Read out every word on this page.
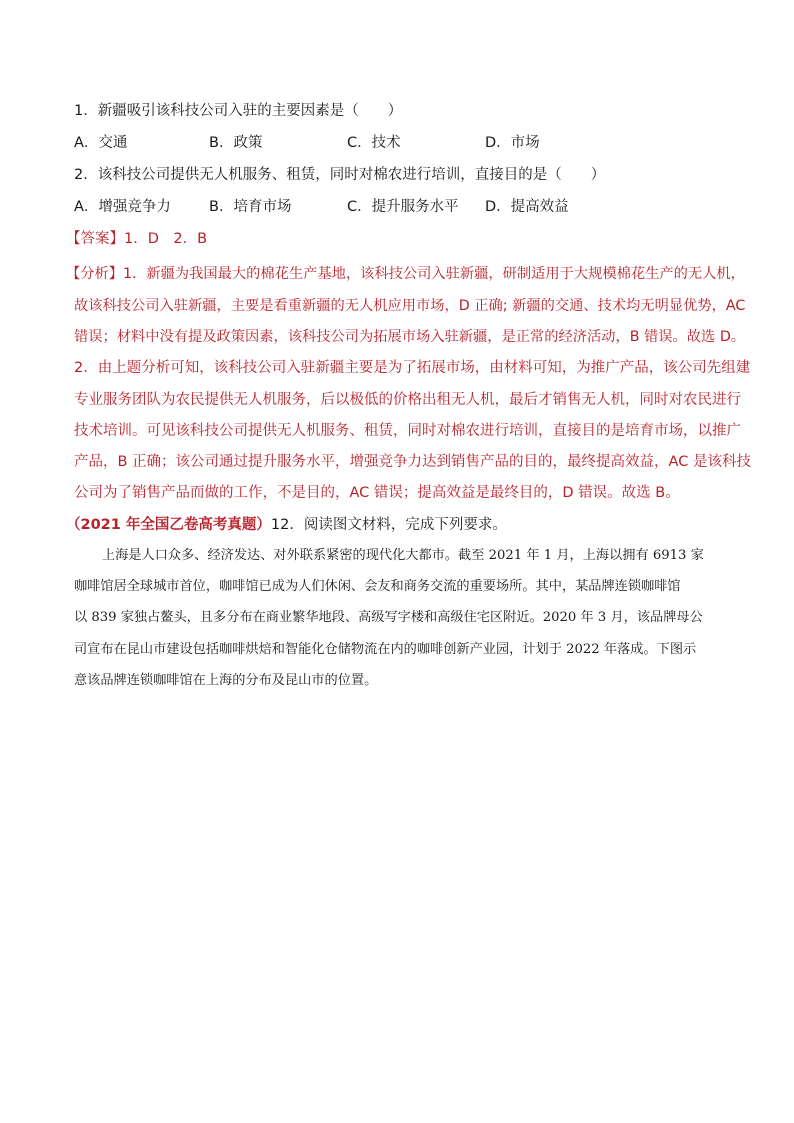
1．新疆吸引该科技公司入驻的主要因素是（　　）
A．交通	B．政策	C．技术	D．市场
2．该科技公司提供无人机服务、租赁，同时对棉农进行培训，直接目的是（　　）
A．增强竞争力	B．培育市场	C．提升服务水平 D．提高效益
【答案】1．D　2．B
【分析】1．新疆为我国最大的棉花生产基地，该科技公司入驻新疆，研制适用于大规模棉花生产的无人机，
故该科技公司入驻新疆，主要是看重新疆的无人机应用市场，D 正确; 新疆的交通、技术均无明显优势，AC
错误；材料中没有提及政策因素，该科技公司为拓展市场入驻新疆，是正常的经济活动，B 错误。故选 D。
2．由上题分析可知，该科技公司入驻新疆主要是为了拓展市场，由材料可知，为推广产品，该公司先组建
专业服务团队为农民提供无人机服务，后以极低的价格出租无人机，最后才销售无人机，同时对农民进行
技术培训。可见该科技公司提供无人机服务、租赁，同时对棉农进行培训，直接目的是培育市场，以推广
产品，B 正确；该公司通过提升服务水平，增强竞争力达到销售产品的目的，最终提高效益，AC 是该科技
公司为了销售产品而做的工作，不是目的，AC 错误；提高效益是最终目的，D 错误。故选 B。
（2021 年全国乙卷高考真题）12．阅读图文材料，完成下列要求。
上海是人口众多、经济发达、对外联系紧密的现代化大都市。截至 2021 年 1 月，上海以拥有 6913 家
咖啡馆居全球城市首位，咖啡馆已成为人们休闲、会友和商务交流的重要场所。其中，某品牌连锁咖啡馆
以 839 家独占鳌头，且多分布在商业繁华地段、高级写字楼和高级住宅区附近。2020 年 3 月，该品牌母公
司宣布在昆山市建设包括咖啡烘焙和智能化仓储物流在内的咖啡创新产业园，计划于 2022 年落成。下图示
意该品牌连锁咖啡馆在上海的分布及昆山市的位置。
